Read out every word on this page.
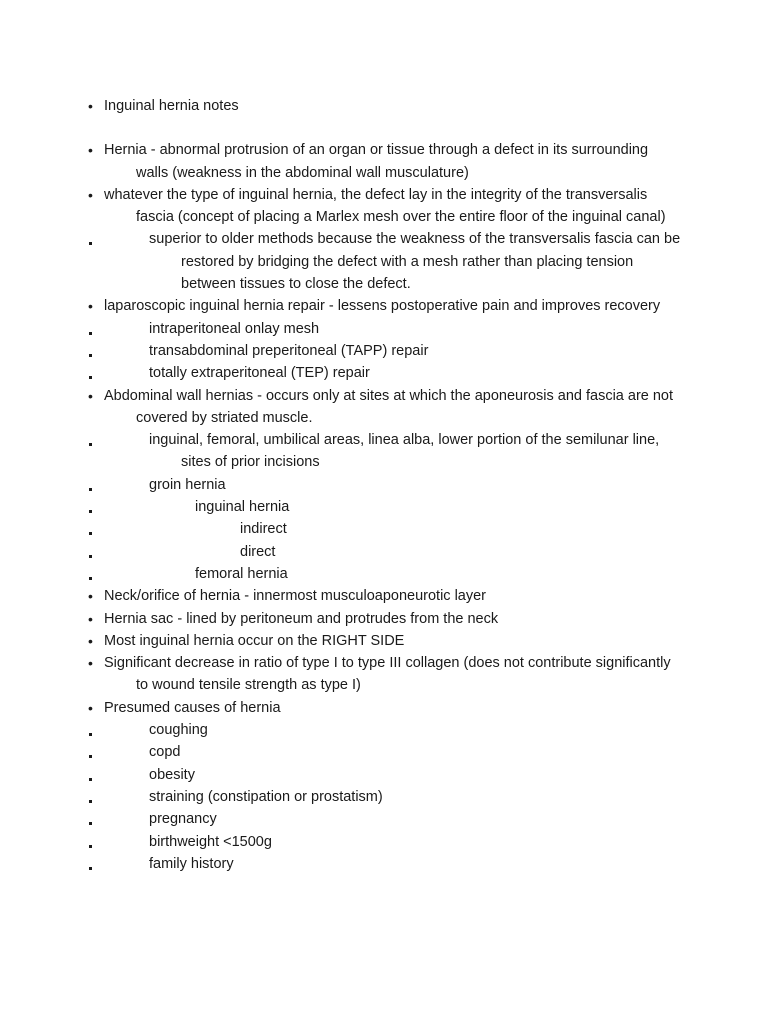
•
Inguinal hernia notes
•
Hernia - abnormal protrusion of an organ or tissue through a defect in its surrounding walls (weakness in the abdominal wall musculature)
•
whatever the type of inguinal hernia, the defect lay in the integrity of the transversalis fascia (concept of placing a Marlex mesh over the entire floor of the inguinal canal)
superior to older methods because the weakness of the transversalis fascia can be restored by bridging the defect with a mesh rather than placing tension between tissues to close the defect.
•
laparoscopic inguinal hernia repair - lessens postoperative pain and improves recovery
intraperitoneal onlay mesh
transabdominal preperitoneal (TAPP) repair
totally extraperitoneal (TEP) repair
•
Abdominal wall hernias - occurs only at sites at which the aponeurosis and fascia are not covered by striated muscle.
inguinal, femoral, umbilical areas, linea alba, lower portion of the semilunar line, sites of prior incisions
groin hernia
inguinal hernia
indirect
direct
femoral hernia
•
Neck/orifice of hernia - innermost musculoaponeurotic layer
•
Hernia sac - lined by peritoneum and protrudes from the neck
•
Most inguinal hernia occur on the RIGHT SIDE
•
Significant decrease in ratio of type I to type III collagen (does not contribute significantly to wound tensile strength as type I)
•
Presumed causes of hernia
coughing
copd
obesity
straining (constipation or prostatism)
pregnancy
birthweight <1500g
family history
